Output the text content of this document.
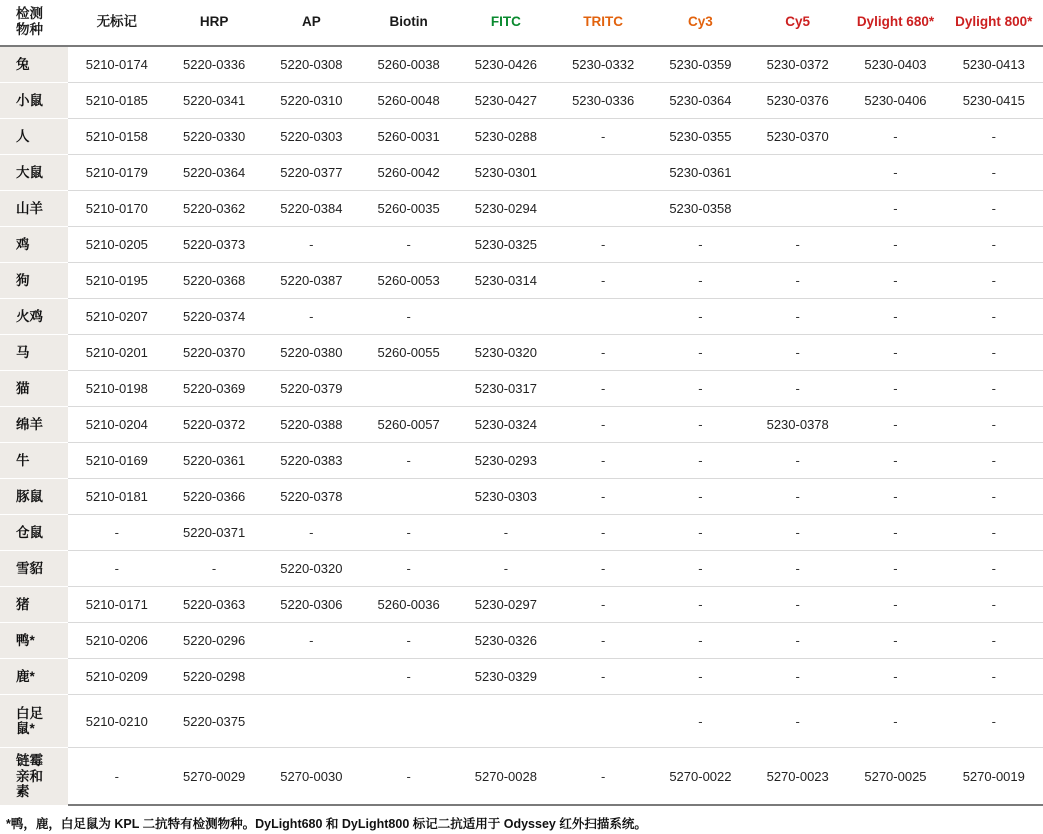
检测
物种	无标记	HRP	AP	Biotin	FITC	TRITC	Cy3	Cy5	Dylight 680*	Dylight 800*
兔	5210-0174	5220-0336	5220-0308	5260-0038	5230-0426	5230-0332	5230-0359	5230-0372	5230-0403	5230-0413
小鼠	5210-0185	5220-0341	5220-0310	5260-0048	5230-0427	5230-0336	5230-0364	5230-0376	5230-0406	5230-0415
人	5210-0158	5220-0330	5220-0303	5260-0031	5230-0288	-	5230-0355	5230-0370	-	-
大鼠	5210-0179	5220-0364	5220-0377	5260-0042	5230-0301		5230-0361		-	-
山羊	5210-0170	5220-0362	5220-0384	5260-0035	5230-0294		5230-0358		-	-
鸡	5210-0205	5220-0373	-	-	5230-0325	-	-	-	-	-
狗	5210-0195	5220-0368	5220-0387	5260-0053	5230-0314	-	-	-	-	-
火鸡	5210-0207	5220-0374	-	-			-	-	-	-
马	5210-0201	5220-0370	5220-0380	5260-0055	5230-0320	-	-	-	-	-
猫	5210-0198	5220-0369	5220-0379		5230-0317	-	-	-	-	-
绵羊	5210-0204	5220-0372	5220-0388	5260-0057	5230-0324	-	-	5230-0378	-	-
牛	5210-0169	5220-0361	5220-0383	-	5230-0293	-	-	-	-	-
豚鼠	5210-0181	5220-0366	5220-0378		5230-0303	-	-	-	-	-
仓鼠	-	5220-0371	-	-	-	-	-	-	-	-
雪貂	-	-	5220-0320	-	-	-	-	-	-	-
猪	5210-0171	5220-0363	5220-0306	5260-0036	5230-0297	-	-	-	-	-
鸭*	5210-0206	5220-0296	-	-	5230-0326	-	-	-	-	-
鹿*	5210-0209	5220-0298		-	5230-0329	-	-	-	-	-

白足
鼠*	5210-0210	5220-0375					-	-	-	-

链霉
亲和
素	-	5270-0029	5270-0030	-	5270-0028	-	5270-0022	5270-0023	5270-0025	5270-0019
*鸭，鹿，白足鼠为 KPL 二抗特有检测物种。DyLight680 和 DyLight800 标记二抗适用于 Odyssey 红外扫描系统。
